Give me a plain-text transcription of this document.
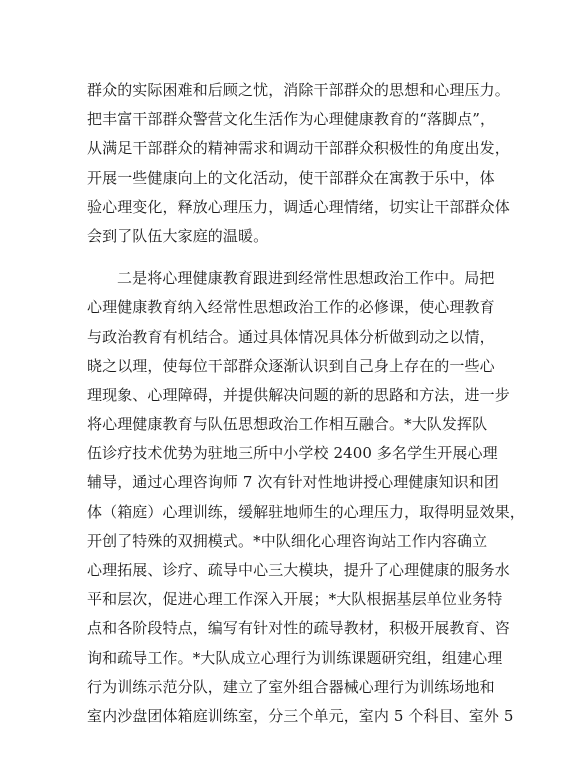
群众的实际困难和后顾之忧，消除干部群众的思想和心理压力。
把丰富干部群众警营文化生活作为心理健康教育的“落脚点”，
从满足干部群众的精神需求和调动干部群众积极性的角度出发，
开展一些健康向上的文化活动，使干部群众在寓教于乐中，体
验心理变化，释放心理压力，调适心理情绪，切实让干部群众体
会到了队伍大家庭的温暖。
二是将心理健康教育跟进到经常性思想政治工作中。局把
心理健康教育纳入经常性思想政治工作的必修课，使心理教育
与政治教育有机结合。通过具体情况具体分析做到动之以情，
晓之以理，使每位干部群众逐渐认识到自己身上存在的一些心
理现象、心理障碍，并提供解决问题的新的思路和方法，进一步
将心理健康教育与队伍思想政治工作相互融合。*大队发挥队
伍诊疗技术优势为驻地三所中小学校 2400 多名学生开展心理
辅导，通过心理咨询师 7 次有针对性地讲授心理健康知识和团
体（箱庭）心理训练，缓解驻地师生的心理压力，取得明显效果，
开创了特殊的双拥模式。*中队细化心理咨询站工作内容确立
心理拓展、诊疗、疏导中心三大模块，提升了心理健康的服务水
平和层次，促进心理工作深入开展；*大队根据基层单位业务特
点和各阶段特点，编写有针对性的疏导教材，积极开展教育、咨
询和疏导工作。*大队成立心理行为训练课题研究组，组建心理
行为训练示范分队，建立了室外组合器械心理行为训练场地和
室内沙盘团体箱庭训练室，分三个单元，室内 5 个科目、室外 5
